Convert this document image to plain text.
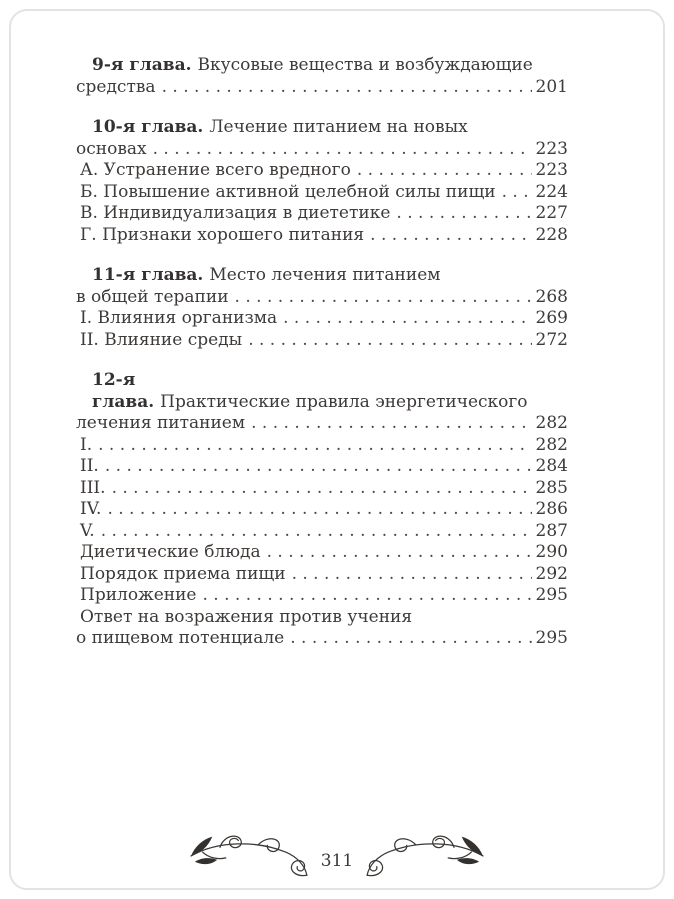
9-я глава. Вкусовые вещества и возбуждающие
средства . . .	201
10-я глава. Лечение питанием на новых
основах . . .	223
А. Устранение всего вредного . . .	223
Б. Повышение активной целебной силы пищи . . . 224
В. Индивидуализация в диететике . . .	227
Г. Признаки хорошего питания . . .	228
11-я глава. Место лечения питанием
в общей терапии . . .	268
I. Влияния организма . . .	269
II. Влияние среды . . .	272
12-я глава. Практические правила энергетического
лечения питанием . . .	282
I. . . .	282
II. . . .	284
III. . . .	285
IV. . . .	286
V. . . .	287
Диетические блюда . . .	290
Порядок приема пищи . . .	292
Приложение . . .	295
Ответ на возражения против учения
о пищевом потенциале . . .	295
311
